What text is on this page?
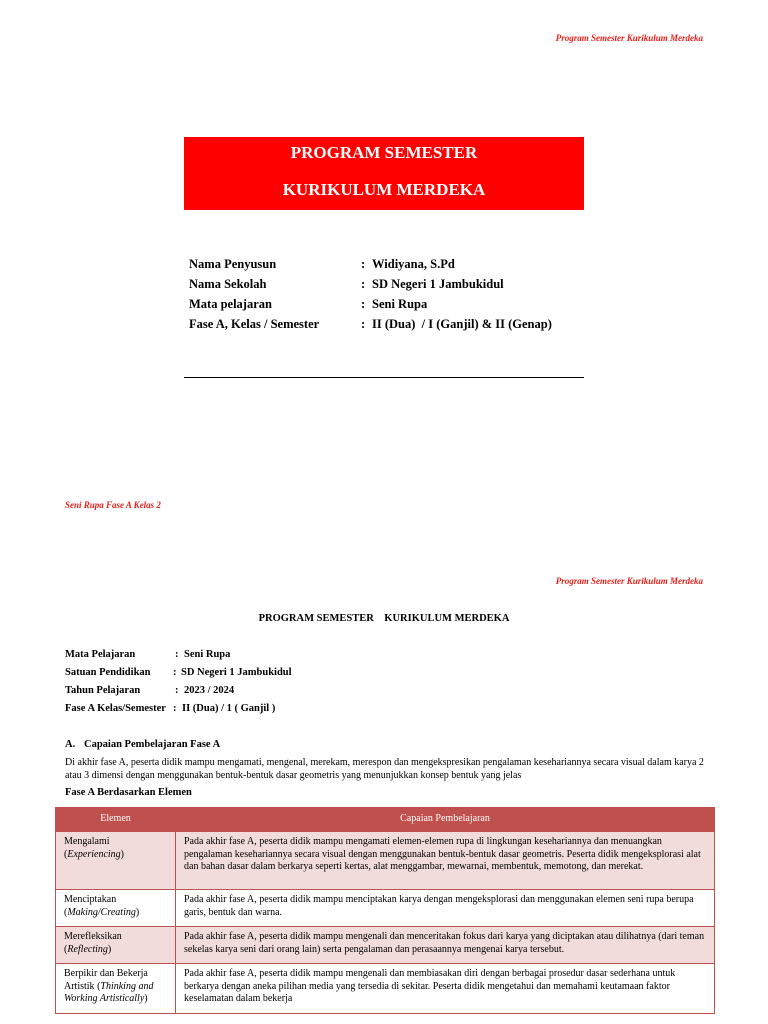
Program Semester Kurikulum Merdeka
PROGRAM SEMESTER
KURIKULUM MERDEKA
Nama Penyusun	: Widiyana, S.Pd
Nama Sekolah	: SD Negeri 1 Jambukidul
Mata pelajaran	: Seni Rupa
Fase A, Kelas / Semester	: II (Dua)  / I (Ganjil) & II (Genap)
Seni Rupa Fase A Kelas 2
Program Semester Kurikulum Merdeka
PROGRAM SEMESTER    KURIKULUM MERDEKA
Mata Pelajaran	: Seni Rupa
Satuan Pendidikan : SD Negeri 1 Jambukidul
Tahun Pelajaran	: 2023 / 2024
Fase A Kelas/Semester : II (Dua) / 1 ( Ganjil )
A. Capaian Pembelajaran Fase A
Di akhir fase A, peserta didik mampu mengamati, mengenal, merekam, merespon dan mengekspresikan pengalaman kesehariannya secara visual dalam karya 2 atau 3 dimensi dengan menggunakan bentuk-bentuk dasar geometris yang menunjukkan konsep bentuk yang jelas
Fase A Berdasarkan Elemen
Elemen	Capaian Pembelajaran
Mengalami
(Experiencing)	Pada akhir fase A, peserta didik mampu mengamati elemen-elemen rupa di lingkungan kesehariannya dan menuangkan pengalaman kesehariannya secara visual dengan menggunakan bentuk-bentuk dasar geometris. Peserta didik mengeksplorasi alat dan bahan dasar dalam berkarya seperti kertas, alat menggambar, mewarnai, membentuk, memotong, dan merekat.
Menciptakan
(Making/Creating)	Pada akhir fase A, peserta didik mampu menciptakan karya dengan mengeksplorasi dan menggunakan elemen seni rupa berupa garis, bentuk dan warna.
Merefleksikan
(Reflecting)	Pada akhir fase A, peserta didik mampu mengenali dan menceritakan fokus dari karya yang diciptakan atau dilihatnya (dari teman sekelas karya seni dari orang lain) serta pengalaman dan perasaannya mengenai karya tersebut.
Berpikir dan Bekerja Artistik (Thinking and Working Artistically)	Pada akhir fase A, peserta didik mampu mengenali dan membiasakan diri dengan berbagai prosedur dasar sederhana untuk berkarya dengan aneka pilihan media yang tersedia di sekitar. Peserta didik mengetahui dan memahami keutamaan faktor keselamatan dalam bekerja
